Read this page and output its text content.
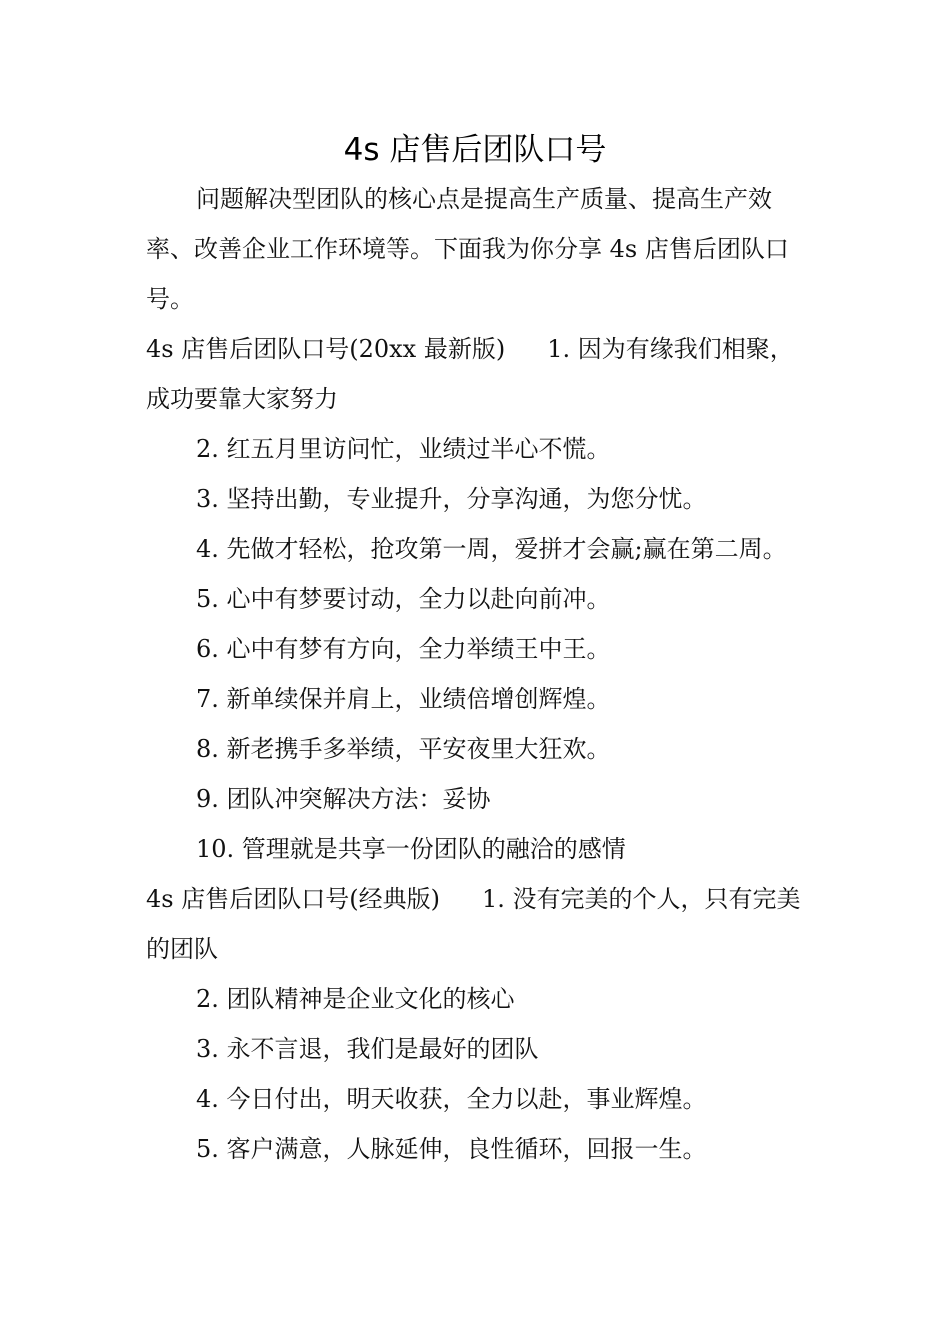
4s 店售后团队口号

问题解决型团队的核心点是提高生产质量、提高生产效率、改善企业工作环境等。下面我为你分享 4s 店售后团队口号。

4s 店售后团队口号(20xx 最新版) 1. 因为有缘我们相聚，成功要靠大家努力

2. 红五月里访问忙，业绩过半心不慌。

3. 坚持出勤，专业提升，分享沟通，为您分忧。

4. 先做才轻松，抢攻第一周，爱拼才会赢;赢在第二周。

5. 心中有梦要讨动，全力以赴向前冲。

6. 心中有梦有方向，全力举绩王中王。

7. 新单续保并肩上，业绩倍增创辉煌。

8. 新老携手多举绩，平安夜里大狂欢。

9. 团队冲突解决方法：妥协

10. 管理就是共享一份团队的融洽的感情

4s 店售后团队口号(经典版) 1. 没有完美的个人，只有完美的团队

2. 团队精神是企业文化的核心

3. 永不言退，我们是最好的团队

4. 今日付出，明天收获，全力以赴，事业辉煌。

5. 客户满意，人脉延伸，良性循环，回报一生。
